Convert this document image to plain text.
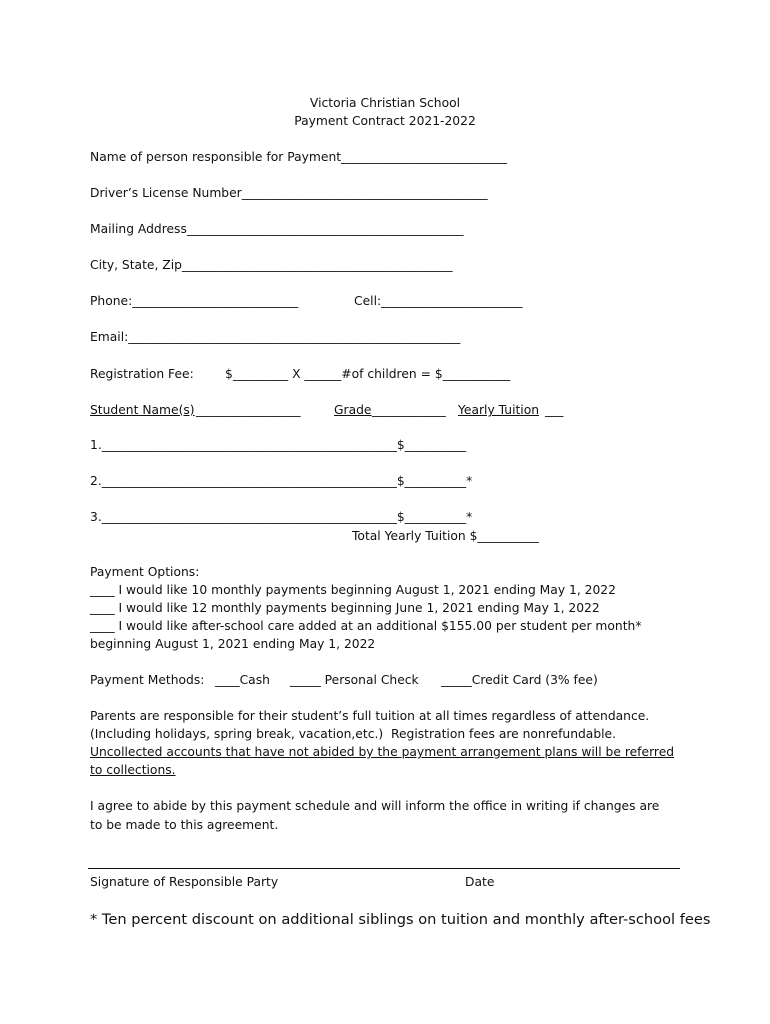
Victoria Christian School
Payment Contract 2021-2022
Name of person responsible for Payment___________________________
Driver’s License Number________________________________________
Mailing Address_____________________________________________
City, State, Zip____________________________________________
Phone:___________________________	Cell:_______________________
Email:______________________________________________________
Registration Fee:	$_________ X ______#of children = $___________
Student Name(s) _________________	Grade ____________ Yearly Tuition ___
1.________________________________________________$__________
2.________________________________________________$__________*
3.________________________________________________$__________*
Total Yearly Tuition $__________
Payment Options:
____ I would like 10 monthly payments beginning August 1, 2021 ending May 1, 2022
____ I would like 12 monthly payments beginning June 1, 2021 ending May 1, 2022
____ I would like after-school care added at an additional $155.00 per student per month*
beginning August 1, 2021 ending May 1, 2022
Payment Methods: ____Cash _____ Personal Check _____Credit Card (3% fee)
Parents are responsible for their student’s full tuition at all times regardless of attendance.
(Including holidays, spring break, vacation,etc.)  Registration fees are nonrefundable.
Uncollected accounts that have not abided by the payment arrangement plans will be referred
to collections.
I agree to abide by this payment schedule and will inform the office in writing if changes are
to be made to this agreement.
Signature of Responsible Party	Date
* Ten percent discount on additional siblings on tuition and monthly after-school fees
